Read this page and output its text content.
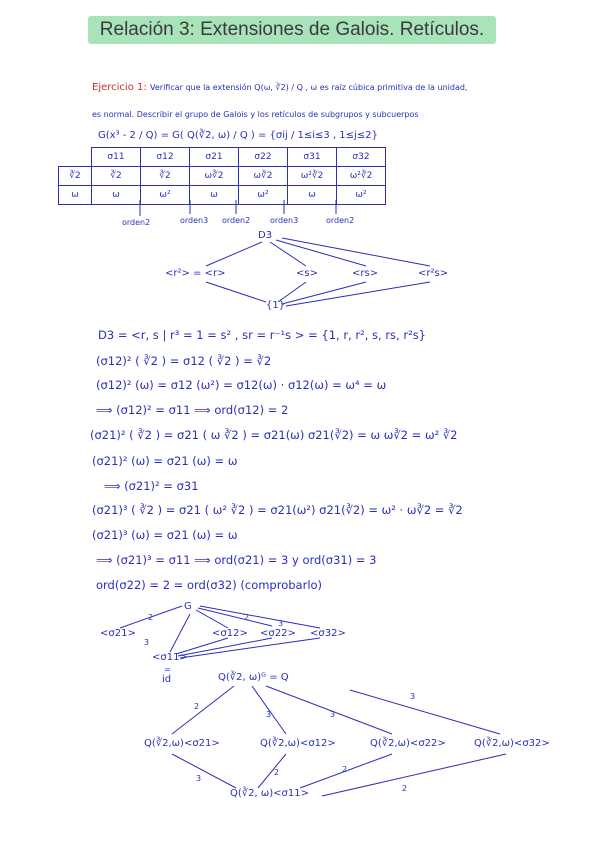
Relación 3: Extensiones de Galois. Retículos.
Ejercicio 1: Verificar que la extensión Q(ω, ∛2) / Q , ω es raíz cúbica primitiva de la unidad,
es normal. Describir el grupo de Galois y los retículos de subgrupos y subcuerpos
G(x³ - 2 / Q) = G( Q(∛2, ω) / Q ) = {σij / 1≤i≤3 , 1≤j≤2}
	σ11	σ12	σ21	σ22	σ31	σ32
∛2	∛2	∛2	ω∛2	ω∛2	ω²∛2	ω²∛2
ω	ω	ω²	ω	ω²	ω	ω²
orden2	orden3 orden2 orden3	orden2
D3
<r²> = <r>	<s>	<rs>	<r²s>
{1}
D3 = <r, s | r³ = 1 = s² , sr = r⁻¹s > = {1, r, r², s, rs, r²s}
(σ12)² ( ∛2 ) = σ12 ( ∛2 ) = ∛2
(σ12)² (ω) = σ12 (ω²) = σ12(ω) · σ12(ω) = ω⁴ = ω
⟹ (σ12)² = σ11 ⟹ ord(σ12) = 2
(σ21)² ( ∛2 ) = σ21 ( ω ∛2 ) = σ21(ω) σ21(∛2) = ω ω∛2 = ω² ∛2
(σ21)² (ω) = σ21 (ω) = ω
⟹ (σ21)² = σ31
(σ21)³ ( ∛2 ) = σ21 ( ω² ∛2 ) = σ21(ω²) σ21(∛2) = ω² · ω∛2 = ∛2
(σ21)³ (ω) = σ21 (ω) = ω
⟹ (σ21)³ = σ11 ⟹ ord(σ21) = 3 y ord(σ31) = 3
ord(σ22) = 2 = ord(σ32) (comprobarlo)
G
<σ21>	<σ12> <σ22> <σ32>
<σ11>
=
id
2
3
2
3
Q(∛2, ω)ᴳ = Q
Q(∛2,ω)<σ21>	Q(∛2,ω)<σ12>	Q(∛2,ω)<σ22>	Q(∛2,ω)<σ32>
Q(∛2, ω)<σ11>
2
3	3
3
3
2	2
2
